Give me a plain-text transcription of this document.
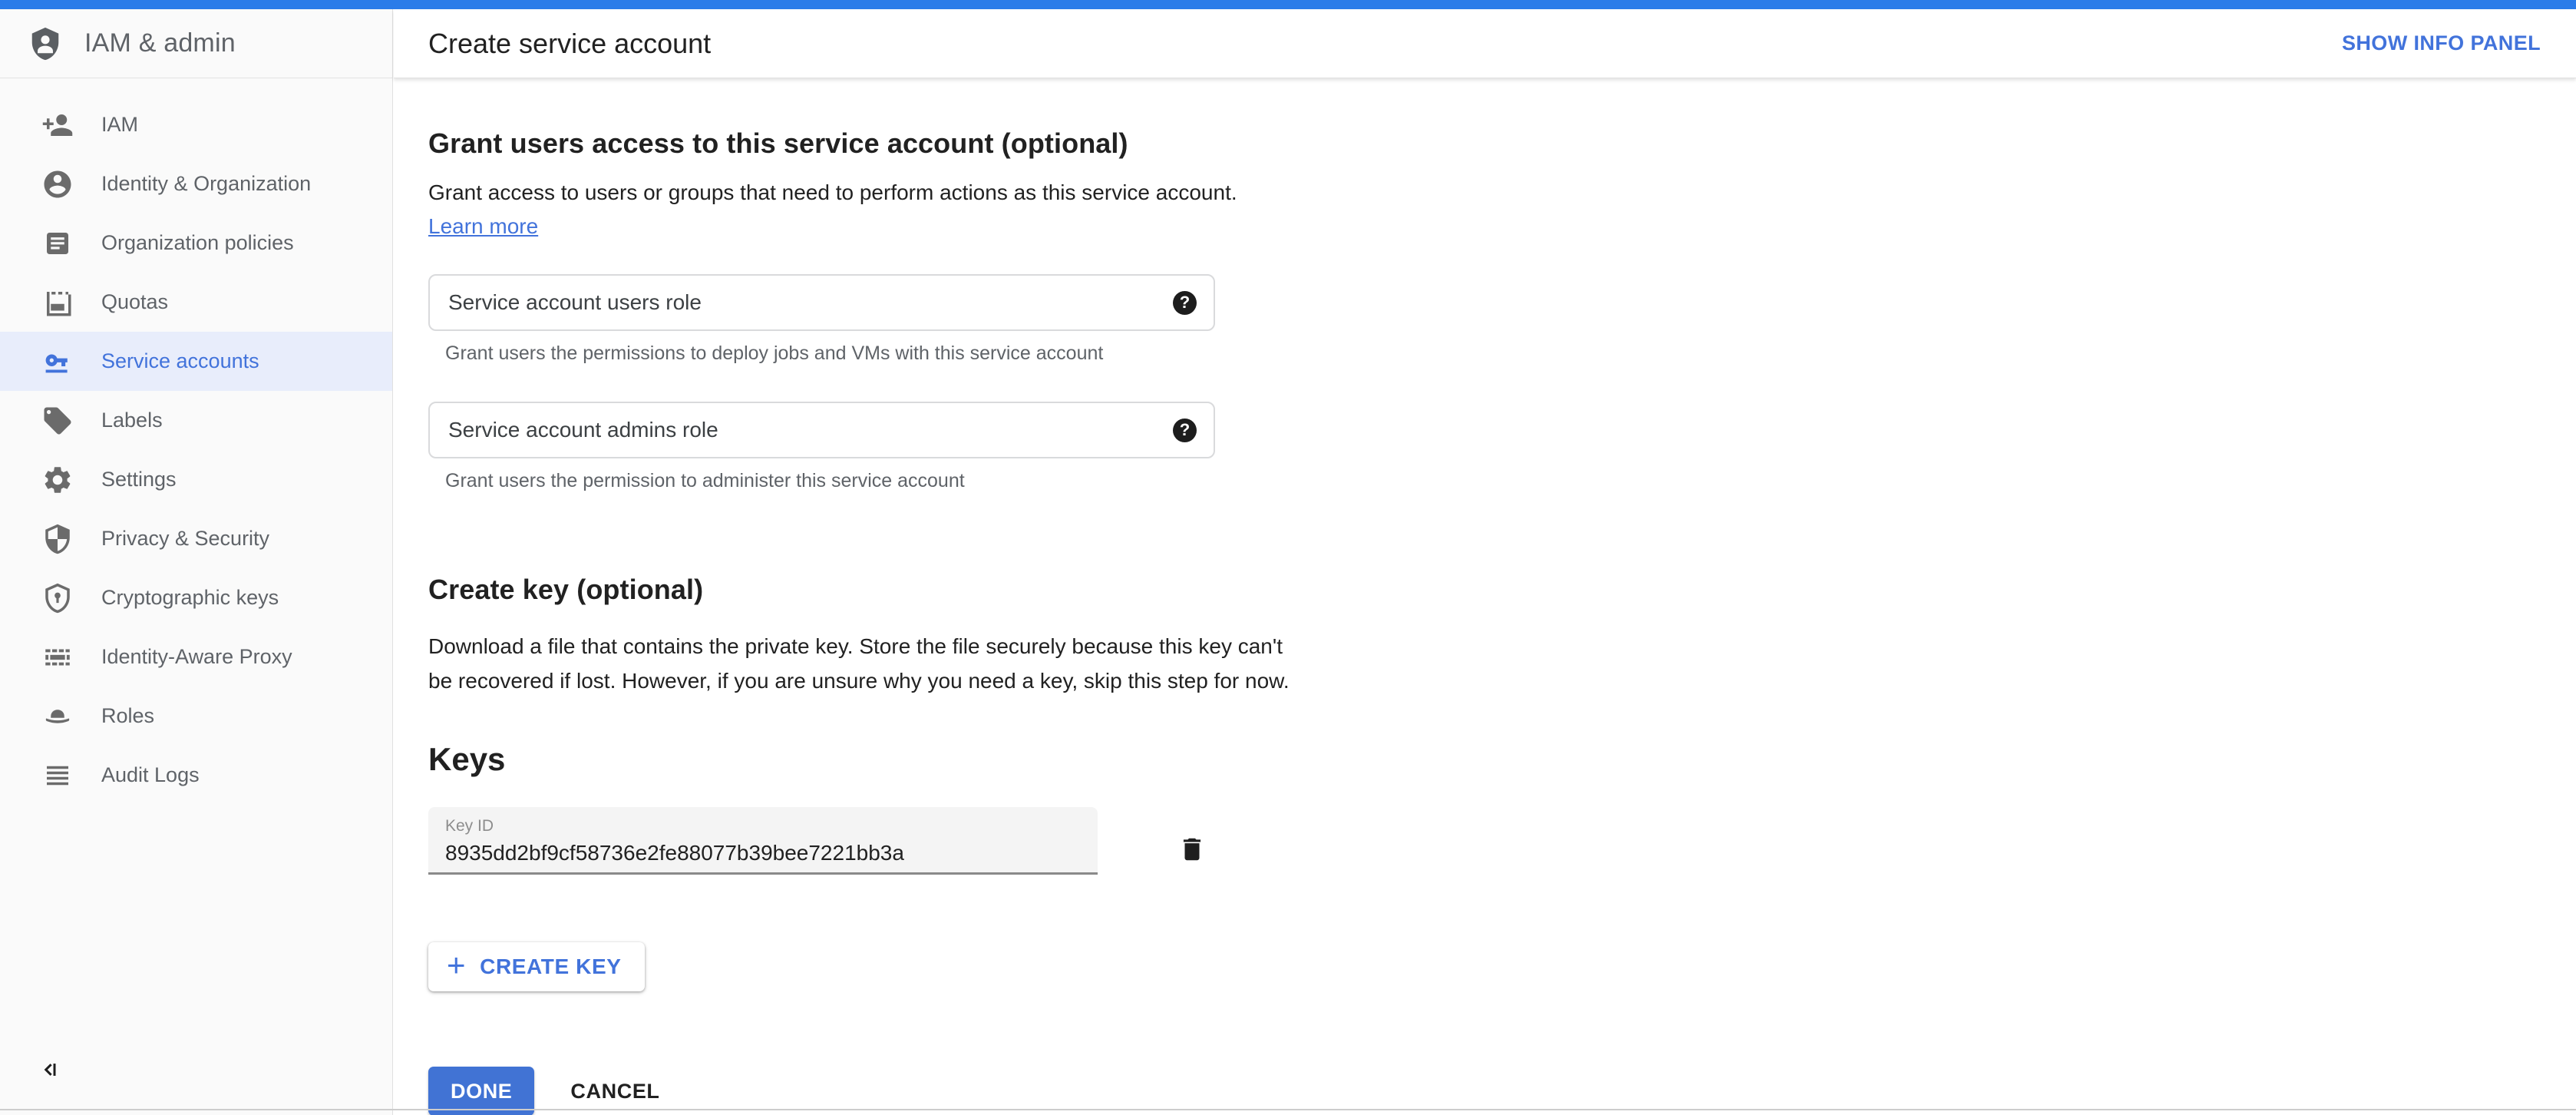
IAM & admin
IAM
Identity & Organization
Organization policies
Quotas
Service accounts
Labels
Settings
Privacy & Security
Cryptographic keys
Identity-Aware Proxy
Roles
Audit Logs
Create service account	SHOW INFO PANEL
Grant users access to this service account (optional)

Grant access to users or groups that need to perform actions as this service account.

Learn more
Service account users role
?
Grant users the permissions to deploy jobs and VMs with this service account
Service account admins role
?
Grant users the permission to administer this service account
Create key (optional)

Download a file that contains the private key. Store the file securely because this key can't be recovered if lost. However, if you are unsure why you need a key, skip this step for now.

Keys
Key ID
8935dd2bf9cf58736e2fe88077b39bee7221bb3a
+ CREATE KEY
DONE	CANCEL
